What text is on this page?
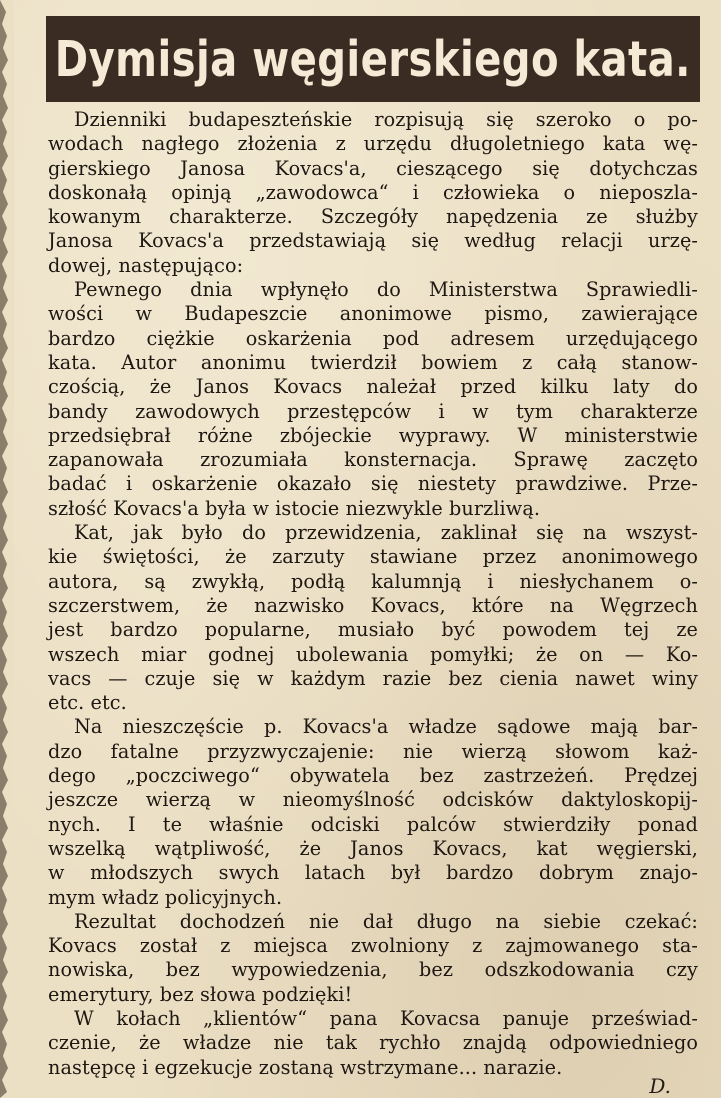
Dymisja węgierskiego kata.
Dzienniki budapeszteńskie rozpisują się szeroko o po-
wodach nagłego złożenia z urzędu długoletniego kata wę-
gierskiego Janosa Kovacs'a, cieszącego się dotychczas
doskonałą opinją „zawodowca“ i człowieka o nieposzla-
kowanym charakterze. Szczegóły napędzenia ze służby
Janosa Kovacs'a przedstawiają się według relacji urzę-
dowej, następująco:
Pewnego dnia wpłynęło do Ministerstwa Sprawiedli-
wości w Budapeszcie anonimowe pismo, zawierające
bardzo ciężkie oskarżenia pod adresem urzędującego
kata. Autor anonimu twierdził bowiem z całą stanow-
czością, że Janos Kovacs należał przed kilku laty do
bandy zawodowych przestępców i w tym charakterze
przedsiębrał różne zbójeckie wyprawy. W ministerstwie
zapanowała zrozumiała konsternacja. Sprawę zaczęto
badać i oskarżenie okazało się niestety prawdziwe. Prze-
szłość Kovacs'a była w istocie niezwykle burzliwą.
Kat, jak było do przewidzenia, zaklinał się na wszyst-
kie świętości, że zarzuty stawiane przez anonimowego
autora, są zwykłą, podłą kalumnją i niesłychanem o-
szczerstwem, że nazwisko Kovacs, które na Węgrzech
jest bardzo popularne, musiało być powodem tej ze
wszech miar godnej ubolewania pomyłki; że on — Ko-
vacs — czuje się w każdym razie bez cienia nawet winy
etc. etc.
Na nieszczęście p. Kovacs'a władze sądowe mają bar-
dzo fatalne przyzwyczajenie: nie wierzą słowom każ-
dego „poczciwego“ obywatela bez zastrzeżeń. Prędzej
jeszcze wierzą w nieomyślność odcisków daktyloskopij-
nych. I te właśnie odciski palców stwierdziły ponad
wszelką wątpliwość, że Janos Kovacs, kat węgierski,
w młodszych swych latach był bardzo dobrym znajo-
mym władz policyjnych.
Rezultat dochodzeń nie dał długo na siebie czekać:
Kovacs został z miejsca zwolniony z zajmowanego sta-
nowiska, bez wypowiedzenia, bez odszkodowania czy
emerytury, bez słowa podzięki!
W kołach „klientów“ pana Kovacsa panuje przeświad-
czenie, że władze nie tak rychło znajdą odpowiedniego
następcę i egzekucje zostaną wstrzymane... narazie.
D.
